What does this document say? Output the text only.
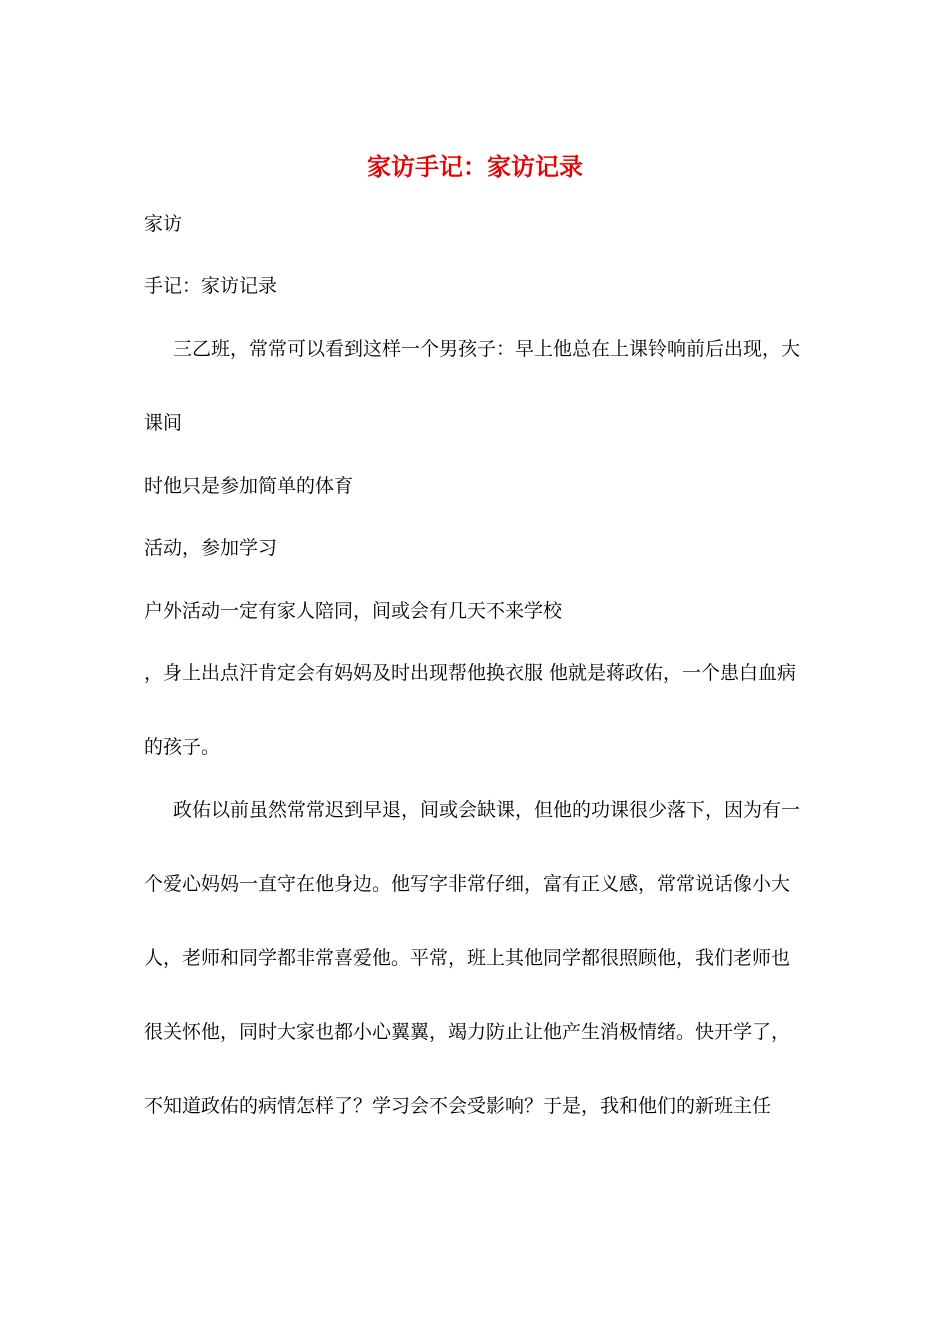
家访手记：家访记录
家访
手记：家访记录
三乙班，常常可以看到这样一个男孩子：早上他总在上课铃响前后出现，大
课间
时他只是参加简单的体育
活动，参加学习
户外活动一定有家人陪同，间或会有几天不来学校
，身上出点汗肯定会有妈妈及时出现帮他换衣服 他就是蒋政佑，一个患白血病
的孩子。
政佑以前虽然常常迟到早退，间或会缺课，但他的功课很少落下，因为有一
个爱心妈妈一直守在他身边。他写字非常仔细，富有正义感，常常说话像小大
人，老师和同学都非常喜爱他。平常，班上其他同学都很照顾他，我们老师也
很关怀他，同时大家也都小心翼翼，竭力防止让他产生消极情绪。快开学了，
不知道政佑的病情怎样了？学习会不会受影响？于是，我和他们的新班主任
